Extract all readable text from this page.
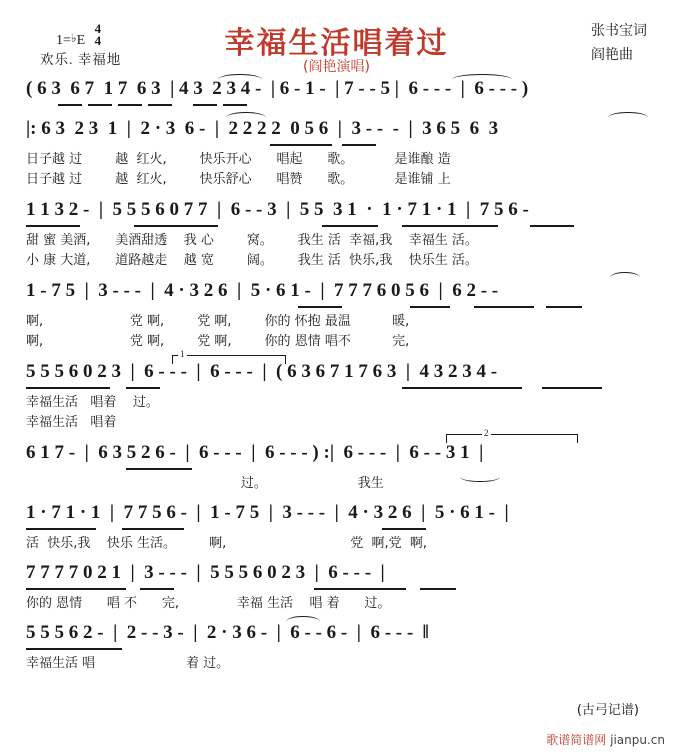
1=♭E
4
4
欢乐. 幸福地	幸福生活唱着过
(阎艳演唱)
张书宝词
阎艳曲
( 6 3  6 7  1 7  6 3  | 4 3  2 3 4 -  | 6 - 1 -  | 7 - - 5 |  6 - - -  |  6 - - - )
|: 6 3  2 3  1  |  2 · 3  6 -  |  2 2 2 2  0 5 6  |  3 - -  -  |  3 6 5  6  3
日子越 过        越  红火,        快乐开心      唱起      歌。          是谁酿 造
日子越 过        越  红火,        快乐舒心      唱赞      歌。          是谁铺 上
1 1 3 2 -  |  5 5 5 6 0 7 7  |  6 - - 3  |  5 5  3 1  ·  1 · 7 1 · 1  |  7 5 6 -
甜 蜜 美酒,      美酒甜透    我 心        窝。      我生 活  幸福,我    幸福生 活。
小 康 大道,      道路越走    越 宽        阔。      我生 活  快乐,我    快乐生 活。
1 - 7 5  |  3 - - -  |  4 · 3 2 6  |  5 · 6 1 -  |  7 7 7 6 0 5 6  |  6 2 - -
啊,                     党 啊,        党 啊,        你的 怀抱 最温          暖,
啊,                     党 啊,        党 啊,        你的 恩情 唱不          完,
1
5 5 5 6 0 2 3  |  6 - - -  |  6 - - -  |  ( 6 3 6 7 1 7 6 3  |  4 3 2 3 4 -
幸福生活   唱着    过。
幸福生活   唱着
2
6 1 7 -  |  6 3 5 2 6 -  |  6 - - -  |  6 - - - ) :|  6 - - -  |  6 - - 3 1  |
过。                      我生
1 · 7 1 · 1  |  7 7 5 6 -  |  1 - 7 5  |  3 - - -  |  4 · 3 2 6  |  5 · 6 1 -  |
活  快乐,我    快乐 生活。        啊,                              党  啊,党  啊,
7 7 7 7 0 2 1  |  3 - - -  |  5 5 5 6 0 2 3  |  6 - - -  |
你的 恩情      唱 不      完,              幸福 生活    唱 着      过。
5 5 5 6 2 -  |  2 - - 3 -  |  2 · 3 6 -  |  6 - - 6 -  |  6 - - -  ‖
幸福生活 唱                      着 过。
(古弓记谱)
歌谱简谱网 jianpu.cn
